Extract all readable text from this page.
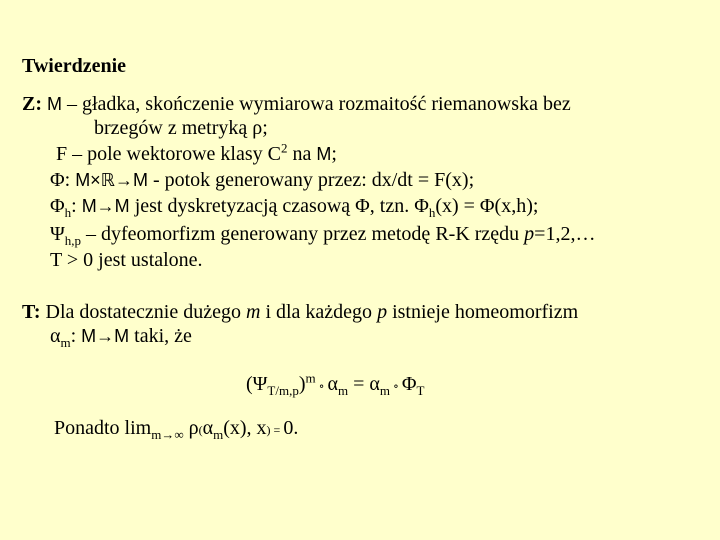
Twierdzenie
Z: M – gładka, skończenie wymiarowa rozmaitość riemanowska bez
brzegów z metryką ρ;
F – pole wektorowe klasy $C^2$ na M;
Φ: M×ℝ→M - potok generowany przez: dx/dt = F(x);
$\Phi_h$: M→M jest dyskretyzacją czasową Φ, tzn. $\Phi_h(x) = \Phi(x,h)$;
$\Psi_{h,p}$ – dyfeomorfizm generowany przez metodę R-K rzędu p=1,2,…
T > 0 jest ustalone.
T: Dla dostatecznie dużego m i dla każdego p istnieje homeomorfizm
$\alpha_m$: M→M taki, że
$(\Psi_{T/m,p})^m$ ∘ $\alpha_m = \alpha_m$ ∘ $\Phi_T$
Ponadto $\lim_{m\to\infty} \rho(\alpha_m(x)$, x) = 0.
